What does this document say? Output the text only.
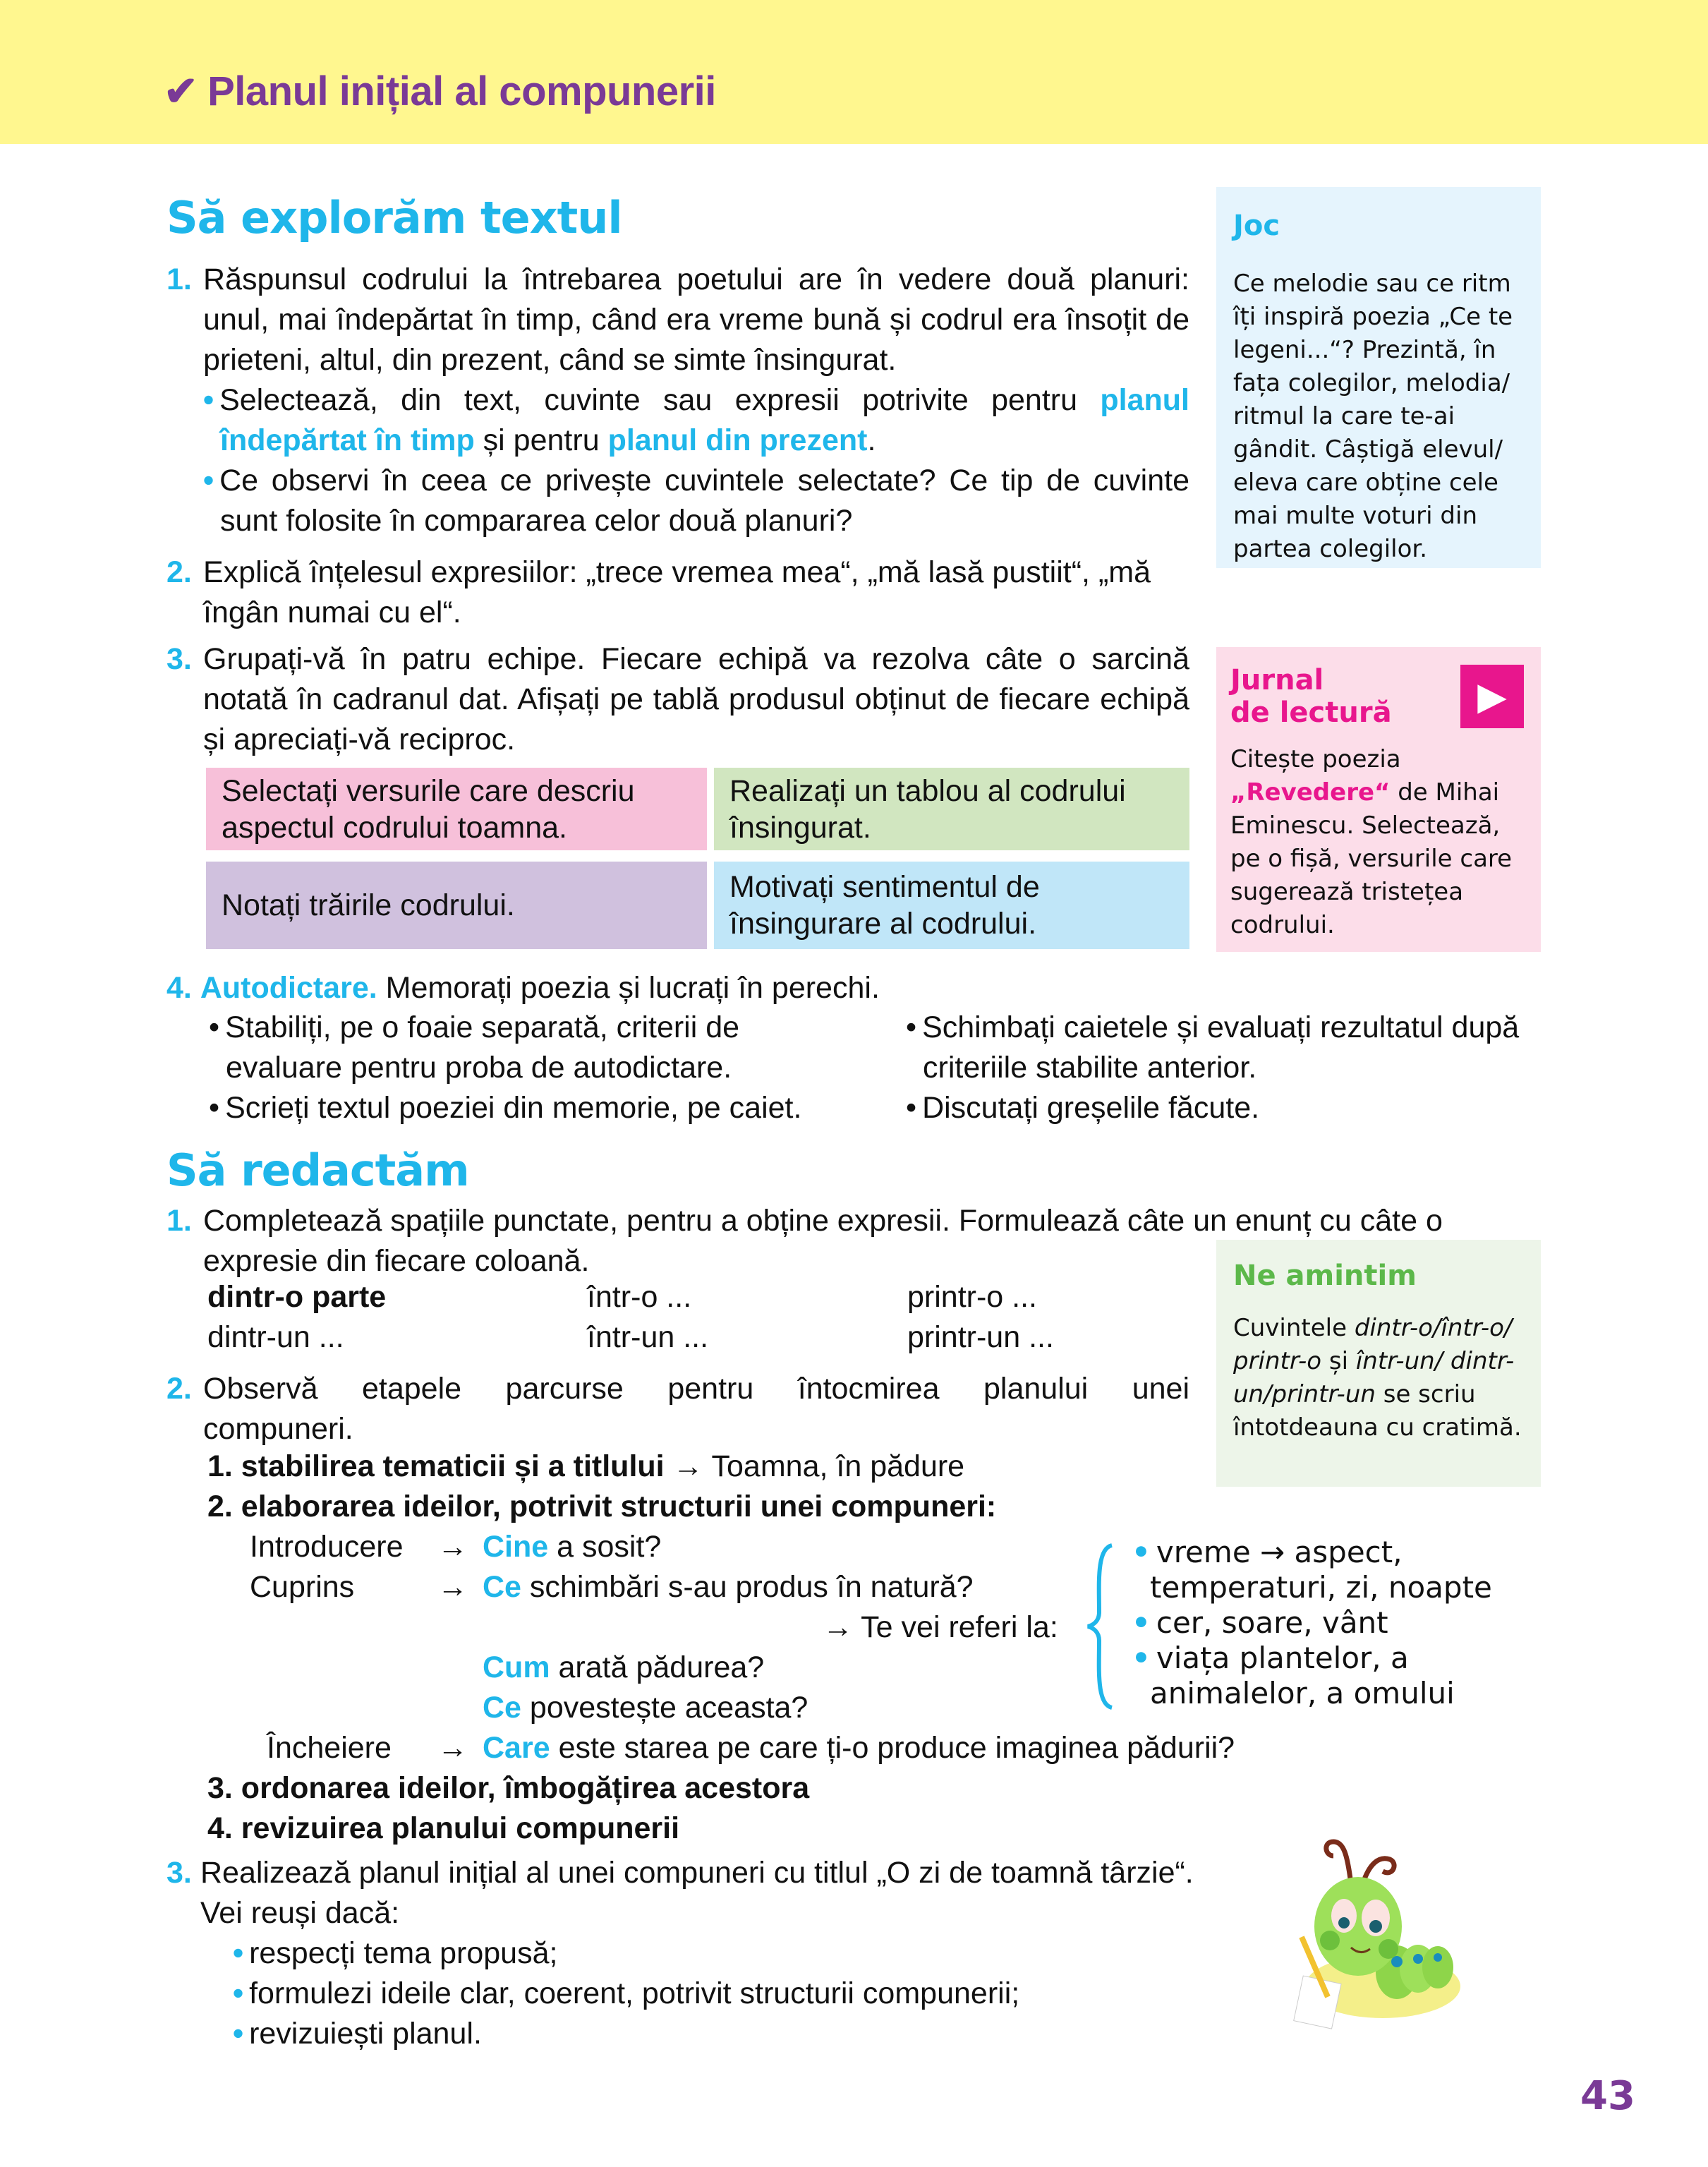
✔ Planul inițial al compunerii
Să explorăm textul
1. Răspunsul codrului la întrebarea poetului are în vedere două planuri: unul, mai îndepărtat în timp, când era vreme bună și codrul era însoțit de prieteni, altul, din prezent, când se simte însingurat.
• Selectează, din text, cuvinte sau expresii potrivite pentru planul îndepărtat în timp și pentru planul din prezent.
• Ce observi în ceea ce privește cuvintele selectate? Ce tip de cuvinte sunt folosite în compararea celor două planuri?
2. Explică înțelesul expresiilor: „trece vremea mea“, „mă lasă pustiit“, „mă îngân numai cu el“.
3. Grupați-vă în patru echipe. Fiecare echipă va rezolva câte o sarcină notată în cadranul dat. Afișați pe tablă produsul obținut de fiecare echipă și apreciați-vă reciproc.
Selectați versurile care descriu aspectul codrului toamna.
Realizați un tablou al codrului însingurat.
Notați trăirile codrului.
Motivați sentimentul de însingurare al codrului.
4. Autodictare. Memorați poezia și lucrați în perechi.
• Stabiliți, pe o foaie separată, criterii de evaluare pentru proba de autodictare.
• Scrieți textul poeziei din memorie, pe caiet.
• Schimbați caietele și evaluați rezultatul după criteriile stabilite anterior.
• Discutați greșelile făcute.
Joc
Ce melodie sau ce ritm îți inspiră poezia „Ce te legeni...“? Prezintă, în fața colegilor, melodia/ ritmul la care te-ai gândit. Câștigă elevul/ eleva care obține cele mai multe voturi din partea colegilor.
Jurnal
de lectură	▶
Citește poezia „Revedere“ de Mihai Eminescu. Selectează, pe o fișă, versurile care sugerează tristețea codrului.
Să redactăm
1. Completează spațiile punctate, pentru a obține expresii. Formulează câte un enunț cu câte o expresie din fiecare coloană.
dintr-o parte
dintr-un ...
într-o ...
într-un ...
printr-o ...
printr-un ...
Ne amintim
Cuvintele dintr-o/într-o/ printr-o și într-un/ dintr-un/printr-un se scriu întotdeauna cu cratimă.
2. Observă etapele parcurse pentru întocmirea planului unei compuneri.
1. stabilirea tematicii și a titlului → Toamna, în pădure
2. elaborarea ideilor, potrivit structurii unei compuneri:
Introducere → Cine a sosit?
Cuprins	→ Ce schimbări s-au produs în natură?
→ Te vei referi la:
Cum arată pădurea?
Ce povestește aceasta?
Încheiere → Care este starea pe care ți-o produce imaginea pădurii?
• vreme → aspect, temperaturi, zi, noapte
• cer, soare, vânt
• viața plantelor, a animalelor, a omului
3. ordonarea ideilor, îmbogățirea acestora
4. revizuirea planului compunerii
3. Realizează planul inițial al unei compuneri cu titlul „O zi de toamnă târzie“.
Vei reuși dacă:
• respecți tema propusă;
• formulezi ideile clar, coerent, potrivit structurii compunerii;
• revizuiești planul.
43
